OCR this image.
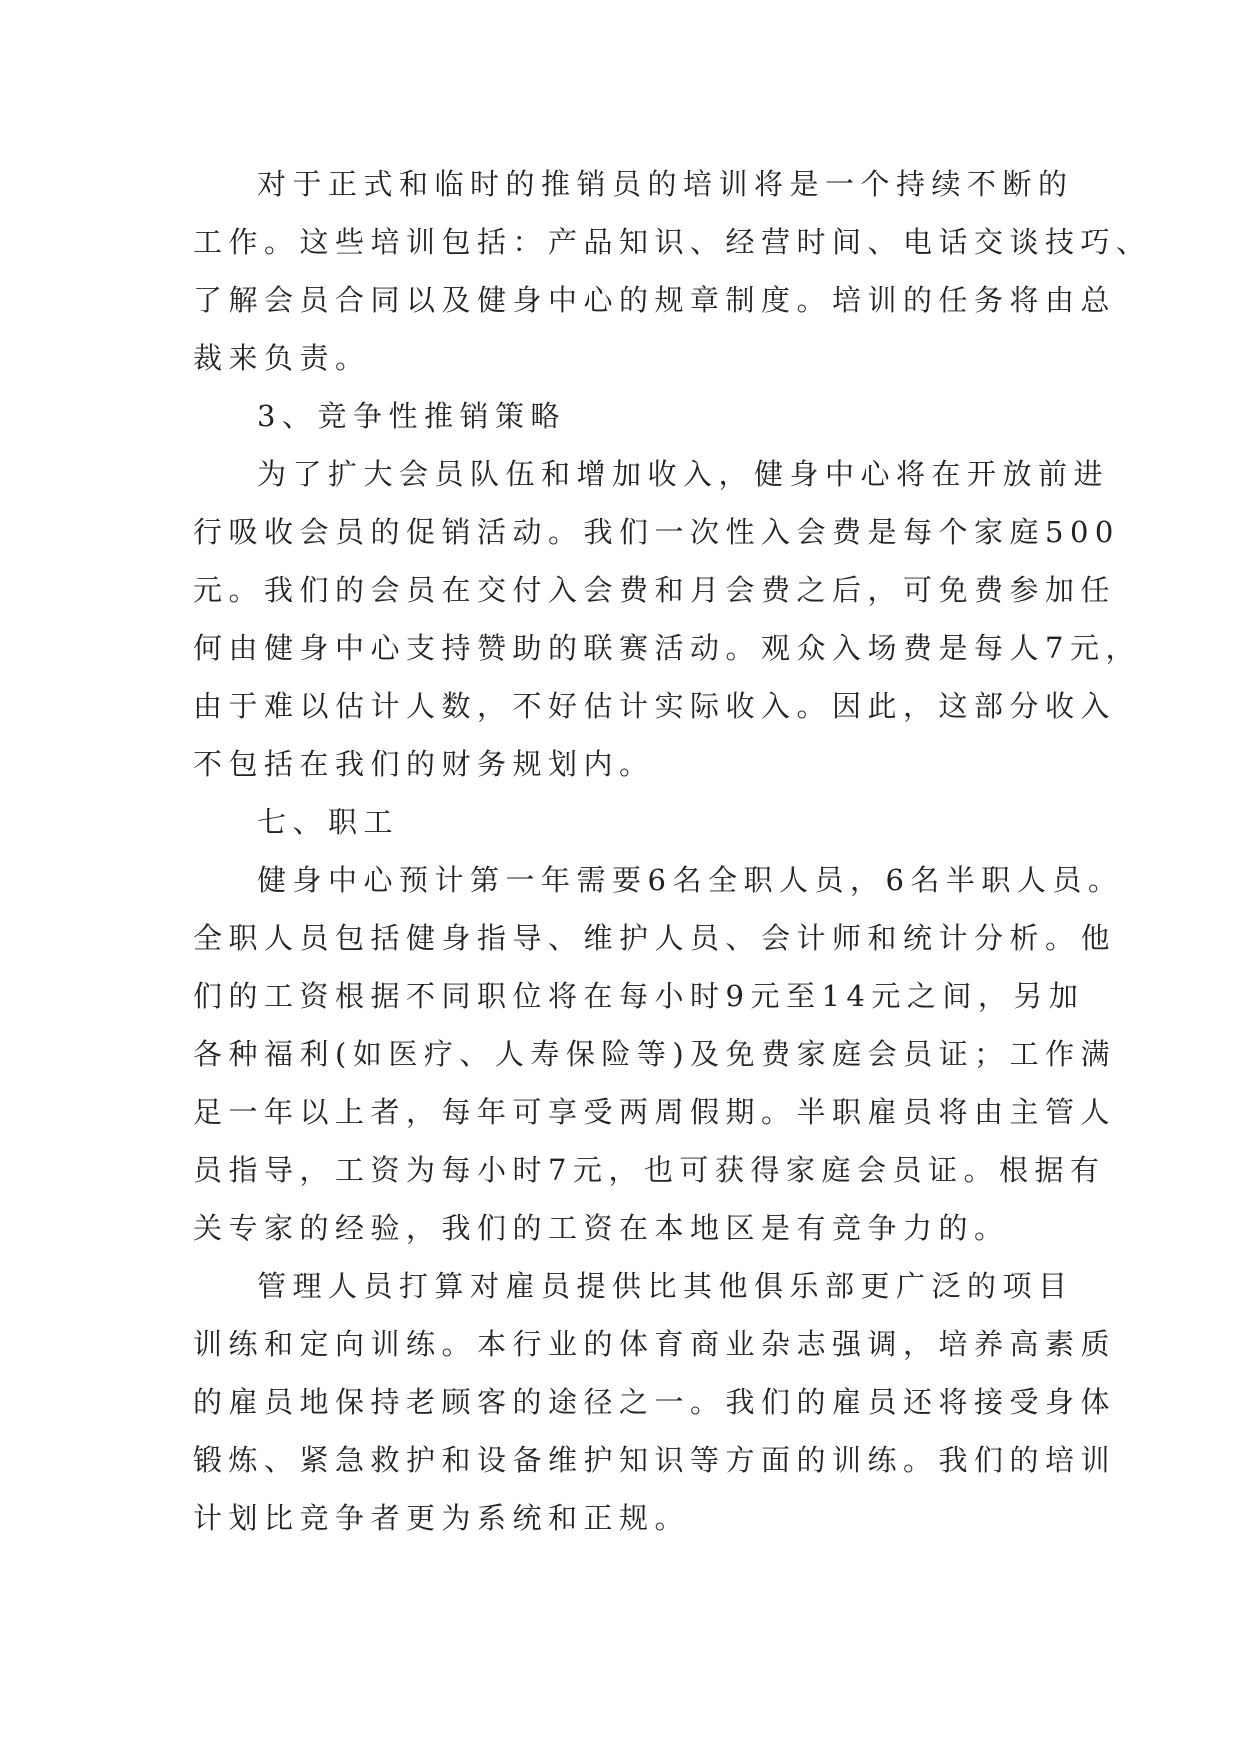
对于正式和临时的推销员的培训将是一个持续不断的
工作。这些培训包括：产品知识、经营时间、电话交谈技巧、
了解会员合同以及健身中心的规章制度。培训的任务将由总
裁来负责。
3、竞争性推销策略
为了扩大会员队伍和增加收入，健身中心将在开放前进
行吸收会员的促销活动。我们一次性入会费是每个家庭500
元。我们的会员在交付入会费和月会费之后，可免费参加任
何由健身中心支持赞助的联赛活动。观众入场费是每人7元，
由于难以估计人数，不好估计实际收入。因此，这部分收入
不包括在我们的财务规划内。
七、职工
健身中心预计第一年需要6名全职人员，6名半职人员。
全职人员包括健身指导、维护人员、会计师和统计分析。他
们的工资根据不同职位将在每小时9元至14元之间，另加
各种福利(如医疗、人寿保险等)及免费家庭会员证；工作满
足一年以上者，每年可享受两周假期。半职雇员将由主管人
员指导，工资为每小时7元，也可获得家庭会员证。根据有
关专家的经验，我们的工资在本地区是有竞争力的。
管理人员打算对雇员提供比其他俱乐部更广泛的项目
训练和定向训练。本行业的体育商业杂志强调，培养高素质
的雇员地保持老顾客的途径之一。我们的雇员还将接受身体
锻炼、紧急救护和设备维护知识等方面的训练。我们的培训
计划比竞争者更为系统和正规。
